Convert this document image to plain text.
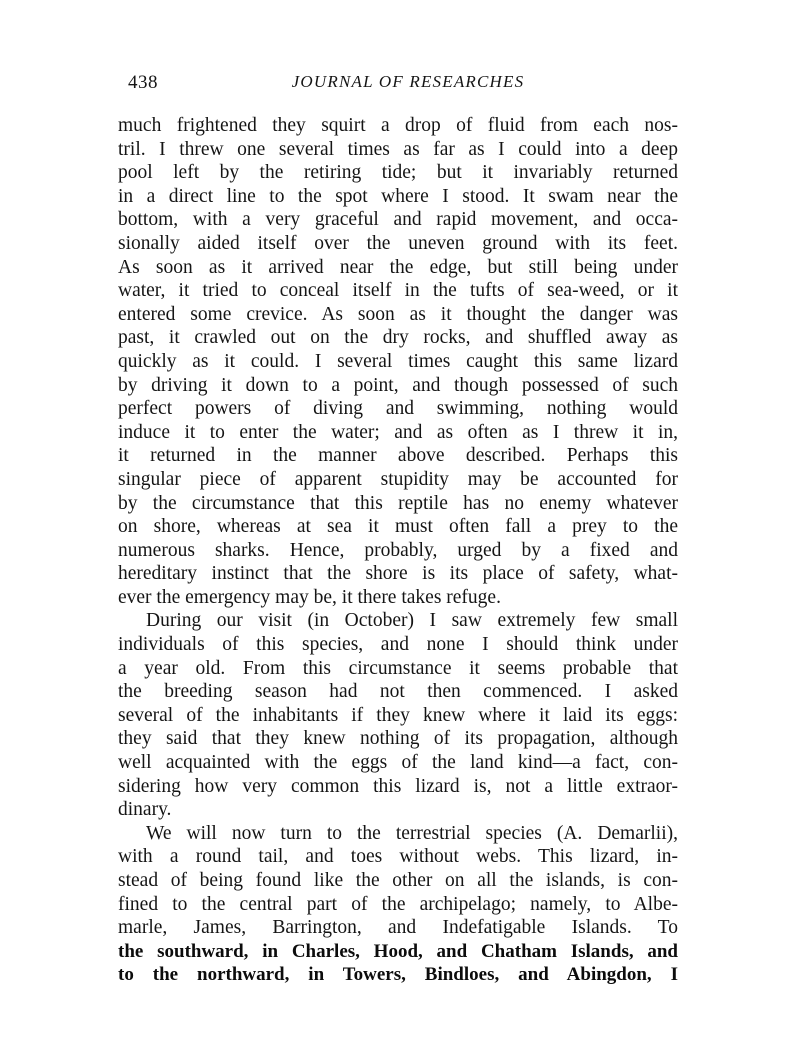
438	JOURNAL OF RESEARCHES
much frightened they squirt a drop of fluid from each nos-
tril. I threw one several times as far as I could into a deep
pool left by the retiring tide; but it invariably returned
in a direct line to the spot where I stood. It swam near the
bottom, with a very graceful and rapid movement, and occa-
sionally aided itself over the uneven ground with its feet.
As soon as it arrived near the edge, but still being under
water, it tried to conceal itself in the tufts of sea-weed, or it
entered some crevice. As soon as it thought the danger was
past, it crawled out on the dry rocks, and shuffled away as
quickly as it could. I several times caught this same lizard
by driving it down to a point, and though possessed of such
perfect powers of diving and swimming, nothing would
induce it to enter the water; and as often as I threw it in,
it returned in the manner above described. Perhaps this
singular piece of apparent stupidity may be accounted for
by the circumstance that this reptile has no enemy whatever
on shore, whereas at sea it must often fall a prey to the
numerous sharks. Hence, probably, urged by a fixed and
hereditary instinct that the shore is its place of safety, what-
ever the emergency may be, it there takes refuge.
During our visit (in October) I saw extremely few small
individuals of this species, and none I should think under
a year old. From this circumstance it seems probable that
the breeding season had not then commenced. I asked
several of the inhabitants if they knew where it laid its eggs:
they said that they knew nothing of its propagation, although
well acquainted with the eggs of the land kind—a fact, con-
sidering how very common this lizard is, not a little extraor-
dinary.
We will now turn to the terrestrial species (A. Demarlii),
with a round tail, and toes without webs. This lizard, in-
stead of being found like the other on all the islands, is con-
fined to the central part of the archipelago; namely, to Albe-
marle, James, Barrington, and Indefatigable Islands. To
the southward, in Charles, Hood, and Chatham Islands, and
to the northward, in Towers, Bindloes, and Abingdon, I
